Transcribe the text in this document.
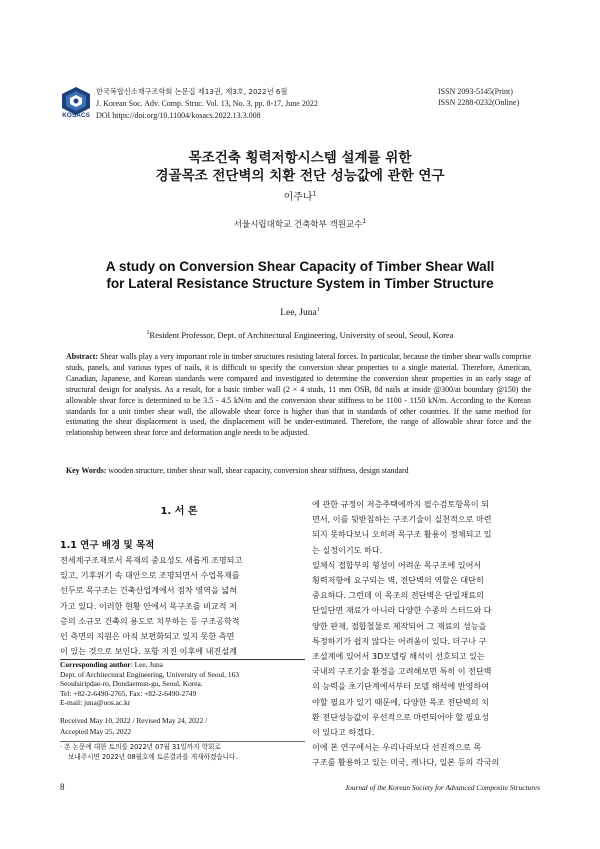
KOSACS
한국복합신소재구조학회 논문집 제13권, 제3호, 2022년 6월
J. Korean Soc. Adv. Comp. Struc. Vol. 13, No. 3, pp. 8-17, June 2022
DOI https://doi.org/10.11004/kosacs.2022.13.3.008
ISSN 2093-5145(Print)
ISSN 2288-0232(Online)
목조건축 횡력저항시스템 설계를 위한
경골목조 전단벽의 치환 전단 성능값에 관한 연구
이주나$^1$
서울시립대학교 건축학부 객원교수$^1$
A study on Conversion Shear Capacity of Timber Shear Wall
for Lateral Resistance Structure System in Timber Structure
Lee, Juna$^1$
$^1$Resident Professor, Dept. of Architectural Engineering, University of seoul, Seoul, Korea
Abstract: Shear walls play a very important role in timber structures resisting lateral forces. In particular, because the timber shear walls comprise studs, panels, and various types of nails, it is difficult to specify the conversion shear properties to a single material. Therefore, American, Canadian, Japanese, and Korean standards were compared and investigated to determine the conversion shear properties in an early stage of structural design for analysis. As a result, for a basic timber wall (2 × 4 studs, 11 mm OSB, 8d nails at inside @300/at boundary @150) the allowable shear force is determined to be 3.5 - 4.5 kN/m and the conversion shear stiffness to be 1100 - 1150 kN/m. According to the Korean standards for a unit timber shear wall, the allowable shear force is higher than that in standards of other countries. If the same method for estimating the shear displacement is used, the displacement will be under-estimated. Therefore, the range of allowable shear force and the relationship between shear force and deformation angle needs to be adjusted.
Key Words: wooden structure, timber shear wall, shear capacity, conversion shear stiffness, design standard
1. 서 론
1.1 연구 배경 및 목적
전세계구조재로서 목재의 중요성도 새롭게 조명되고
있고, 기후위기 속 대안으로 조명되면서 수업목재를
선두로 목구조는 건축산업계에서 점차 영역을 넓혀
가고 있다. 이러한 현황 안에서 목구조를 비교적 저
층의 소규모 건축의 용도로 치부하는 등 구조공학적
인 측면의 지원은 아직 보편화되고 있지 못한 측면
이 있는 것으로 보인다. 포항 지진 이후에 내진설계
Corresponding author: Lee, Juna
Dept. of Architectural Engineering, University of Seoul, 163
Seoulsiripdae-ro, Dondaemun-gu, Seoul, Korea.
Tel: +82-2-6490-2765, Fax: +82-2-6490-2749
E-mail: juna@uos.ac.kr
Received May 10, 2022 / Revised May 24, 2022 /
Accepted May 25, 2022
· 본 논문에 대한 토의를 2022년 07월 31일까지 학회로
보내주시면 2022년 08월호에 토론결과를 게재하겠습니다.
에 관한 규정이 저층주택에까지 필수검토항목이 되
면서, 이를 뒷받침하는 구조기술이 실천적으로 마련
되지 못하다보니 오히려 목구조 활용이 정체되고 있
는 실정이기도 하다.
일체식 접합부의 형성이 어려운 목구조에 있어서
횡력저항에 요구되는 벽, 전단벽의 역할은 대단히
중요하다. 그런데 이 목조의 전단벽은 단일재료의
단일단면 재료가 아니라 다양한 수종의 스터드와 다
양한 판재, 접합철물로 제작되어 그 재료의 성능을
특정하기가 쉽지 않다는 어려움이 있다. 더구나 구
조설계에 있어서 3D모델링 해석이 선호되고 있는
국내의 구조기술 환경을 고려해보면 특히 이 전단벽
의 능력을 초기단계에서부터 모델 해석에 반영하여
야할 필요가 있기 때문에, 다양한 목조 전단벽의 치
환 전단성능값이 우선적으로 마련되어야 할 필요성
이 있다고 하겠다.
이에 본 연구에서는 우리나라보다 선진적으로 목
구조를 활용하고 있는 미국, 캐나다, 일본 등의 각국의
8	Journal of the Korean Society for Advanced Composite Structures
